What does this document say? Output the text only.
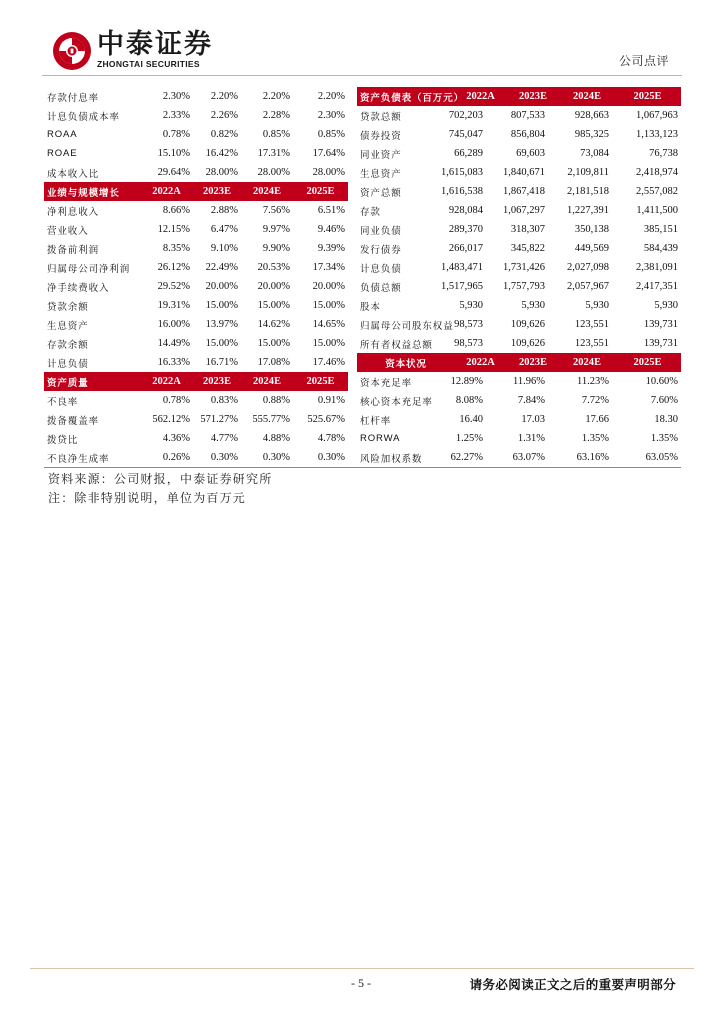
中泰证券
ZHONGTAI SECURITIES	公司点评
存款付息率	2.30%	2.20%	2.20%	2.20%
计息负债成本率	2.33%	2.26%	2.28%	2.30%
ROAA	0.78%	0.82%	0.85%	0.85%
ROAE	15.10%	16.42%	17.31%	17.64%
成本收入比	29.64%	28.00%	28.00%	28.00%
业绩与规模增长	2022A	2023E	2024E	2025E
净利息收入	8.66%	2.88%	7.56%	6.51%
营业收入	12.15%	6.47%	9.97%	9.46%
拨备前利润	8.35%	9.10%	9.90%	9.39%
归属母公司净利润	26.12%	22.49%	20.53%	17.34%
净手续费收入	29.52%	20.00%	20.00%	20.00%
贷款余额	19.31%	15.00%	15.00%	15.00%
生息资产	16.00%	13.97%	14.62%	14.65%
存款余额	14.49%	15.00%	15.00%	15.00%
计息负债	16.33%	16.71%	17.08%	17.46%
资产质量	2022A	2023E	2024E	2025E
不良率	0.78%	0.83%	0.88%	0.91%
拨备覆盖率	562.12% 571.27%	555.77%	525.67%
拨贷比	4.36%	4.77%	4.88%	4.78%
不良净生成率	0.26%	0.30%	0.30%	0.30%
资产负债表（百万元） 2022A	2023E	2024E	2025E
贷款总额	702,203	807,533	928,663	1,067,963
债券投资	745,047	856,804	985,325	1,133,123
同业资产	66,289	69,603	73,084	76,738
生息资产	1,615,083	1,840,671	2,109,811	2,418,974
资产总额	1,616,538	1,867,418	2,181,518	2,557,082
存款	928,084	1,067,297	1,227,391	1,411,500
同业负债	289,370	318,307	350,138	385,151
发行债券	266,017	345,822	449,569	584,439
计息负债	1,483,471	1,731,426	2,027,098	2,381,091
负债总额	1,517,965	1,757,793	2,057,967	2,417,351
股本	5,930	5,930	5,930	5,930
归属母公司股东权益 98,573	109,626	123,551	139,731
所有者权益总额	98,573	109,626	123,551	139,731
资本状况	2022A	2023E	2024E	2025E
资本充足率	12.89%	11.96%	11.23%	10.60%
核心资本充足率	8.08%	7.84%	7.72%	7.60%
杠杆率	16.40	17.03	17.66	18.30
RORWA	1.25%	1.31%	1.35%	1.35%
风险加权系数	62.27%	63.07%	63.16%	63.05%
资料来源：公司财报，中泰证券研究所
注：除非特别说明，单位为百万元
- 5 -	请务必阅读正文之后的重要声明部分
